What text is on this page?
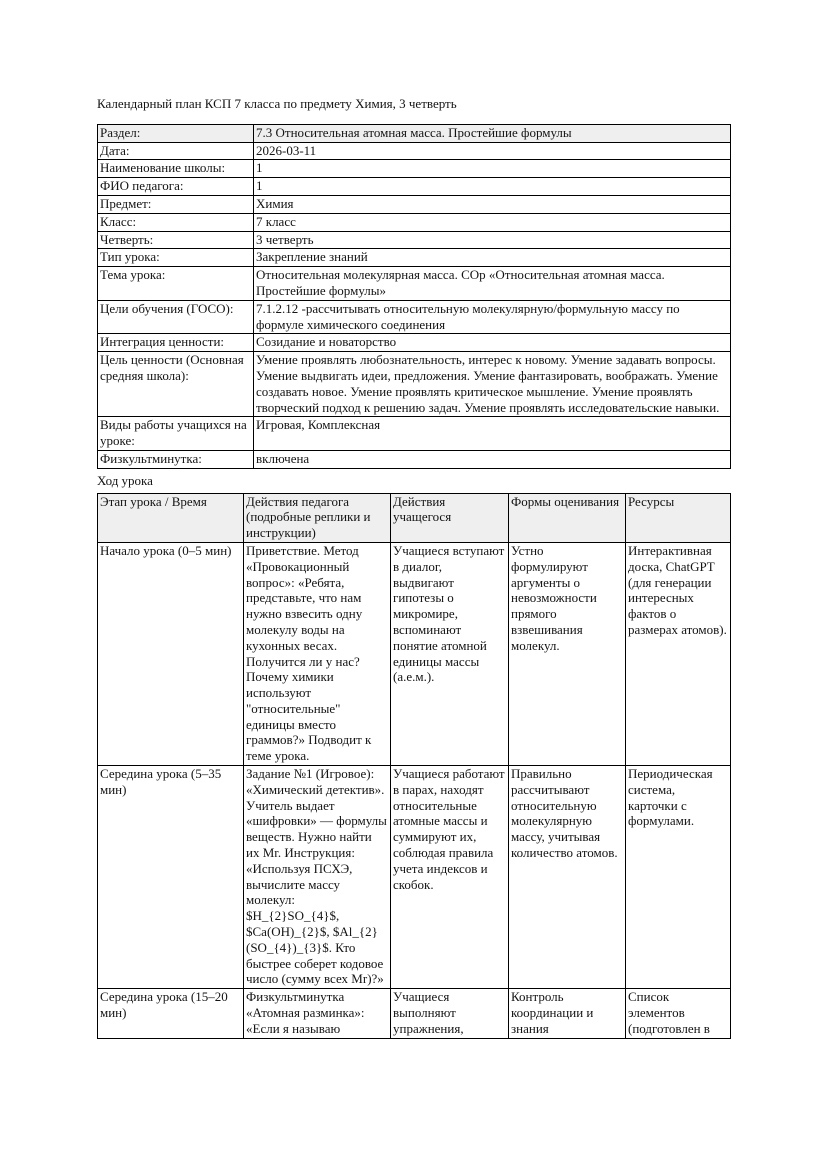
Календарный план КСП 7 класса по предмету Химия, 3 четверть

Раздел:	7.3 Относительная атомная масса. Простейшие формулы
Дата:	2026-03-11
Наименование школы:	1
ФИО педагога:	1
Предмет:	Химия
Класс:	7 класс
Четверть:	3 четверть
Тип урока:	Закрепление знаний
Тема урока:	Относительная молекулярная масса. СОр «Относительная атомная масса. Простейшие формулы»
Цели обучения (ГОСО):	7.1.2.12 -рассчитывать относительную молекулярную/формульную массу по формуле химического соединения
Интеграция ценности:	Созидание и новаторство
Цель ценности (Основная средняя школа):	Умение проявлять любознательность, интерес к новому. Умение задавать вопросы. Умение выдвигать идеи, предложения. Умение фантазировать, воображать. Умение создавать новое. Умение проявлять критическое мышление. Умение проявлять творческий подход к решению задач. Умение проявлять исследовательские навыки.
Виды работы учащихся на уроке:	Игровая, Комплексная
Физкультминутка:	включена

Ход урока

Этап урока / Время	Действия педагога (подробные реплики и инструкции)	Действия учащегося	Формы оценивания	Ресурсы
Начало урока (0–5 мин)	Приветствие. Метод «Провокационный вопрос»: «Ребята, представьте, что нам нужно взвесить одну молекулу воды на кухонных весах. Получится ли у нас? Почему химики используют "относительные" единицы вместо граммов?» Подводит к теме урока.	Учащиеся вступают в диалог, выдвигают гипотезы о микромире, вспоминают понятие атомной единицы массы (а.е.м.).	Устно формулируют аргументы о невозможности прямого взвешивания молекул.	Интерактивная доска, ChatGPT (для генерации интересных фактов о размерах атомов).
Середина урока (5–35 мин)	Задание №1 (Игровое): «Химический детектив». Учитель выдает «шифровки» — формулы веществ. Нужно найти их Mr. Инструкция: «Используя ПСХЭ, вычислите массу молекул: $H_{2}SO_{4}$, $Ca(OH)_{2}$, $Al_{2}(SO_{4})_{3}$. Кто быстрее соберет кодовое число (сумму всех Mr)?»	Учащиеся работают в парах, находят относительные атомные массы и суммируют их, соблюдая правила учета индексов и скобок.	Правильно рассчитывают относительную молекулярную массу, учитывая количество атомов.	Периодическая система, карточки с формулами.

Середина урока (15–20 мин)	Физкультминутка «Атомная разминка»: «Если я называю	Учащиеся выполняют упражнения,	Контроль координации и знания	Список элементов (подготовлен в
